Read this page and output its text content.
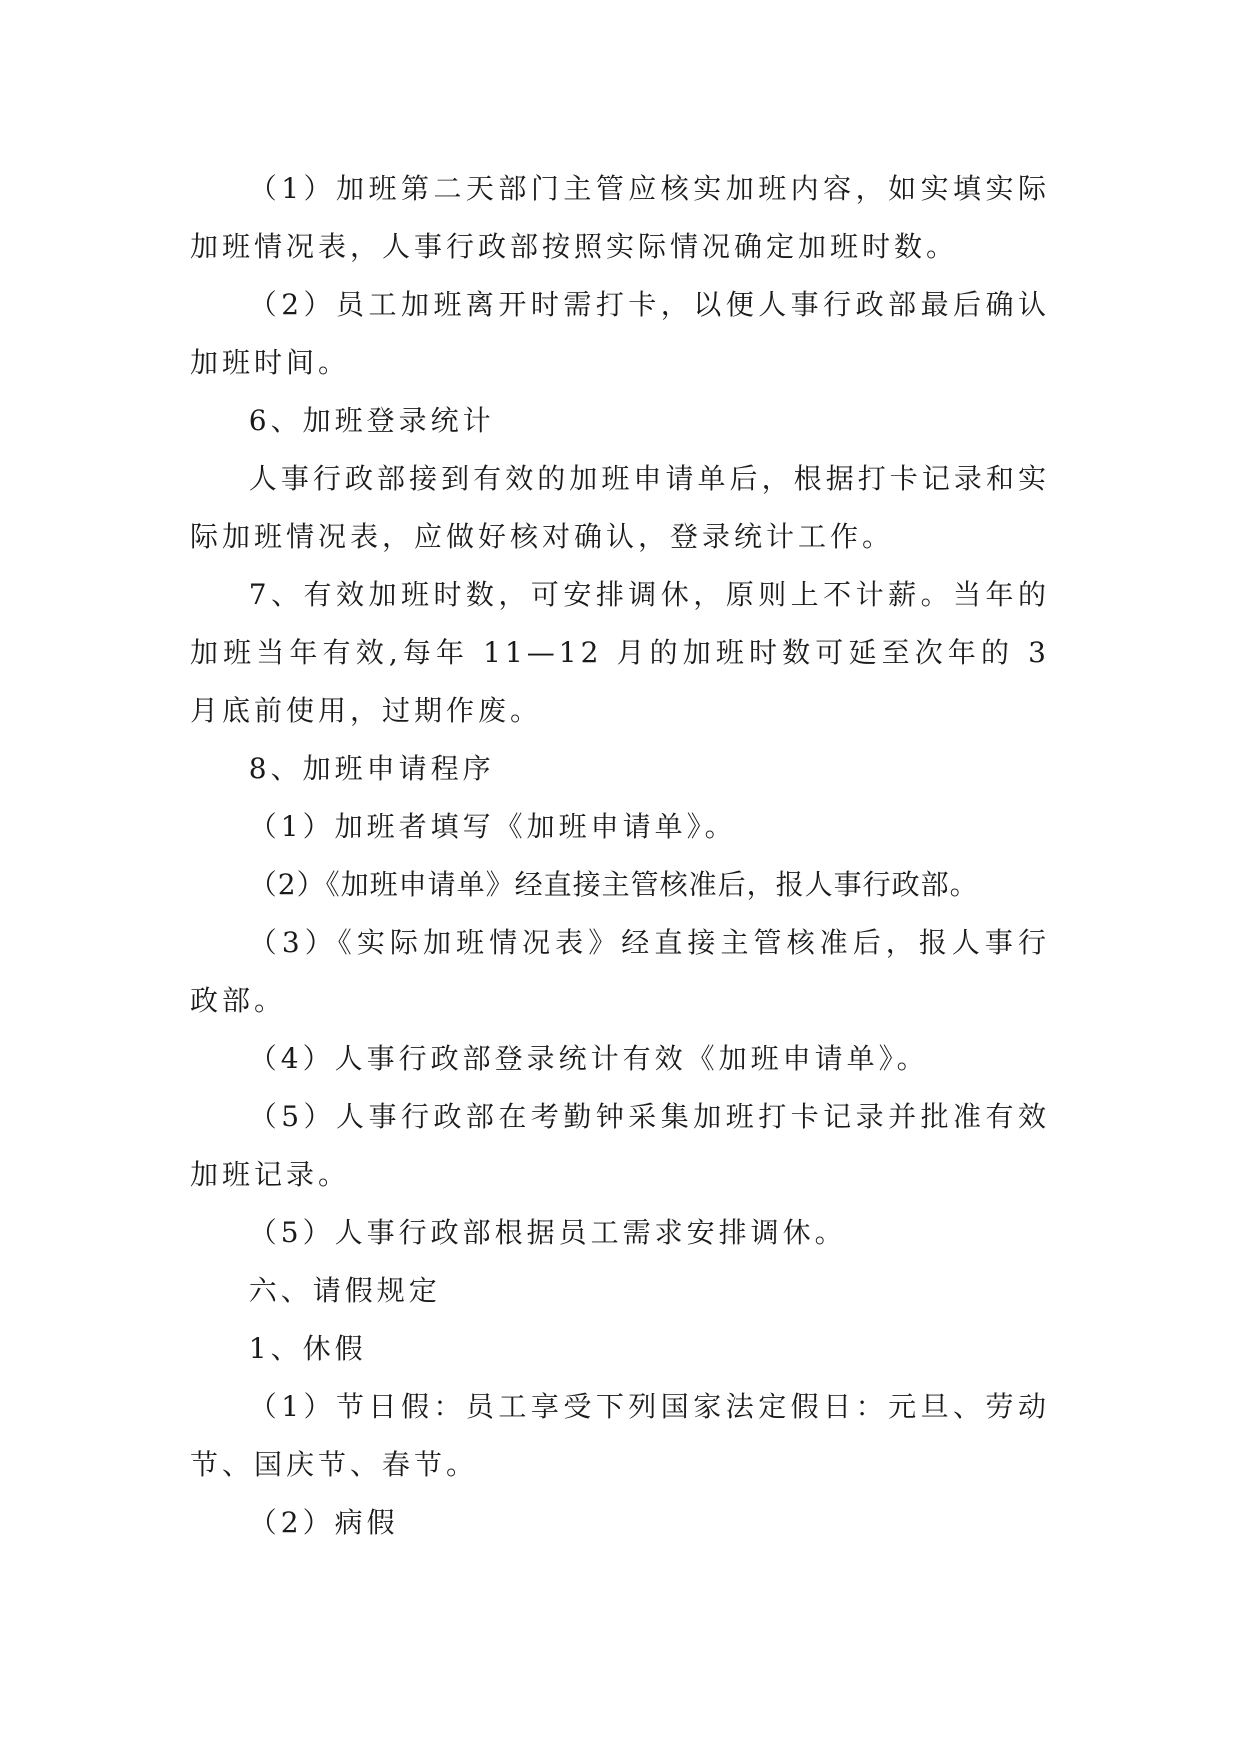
（1）加班第二天部门主管应核实加班内容，如实填实际加班情况表，人事行政部按照实际情况确定加班时数。

（2）员工加班离开时需打卡，以便人事行政部最后确认加班时间。

6、加班登录统计

人事行政部接到有效的加班申请单后，根据打卡记录和实际加班情况表，应做好核对确认，登录统计工作。

7、有效加班时数，可安排调休，原则上不计薪。当年的加班当年有效,每年 11—12 月的加班时数可延至次年的 3 月底前使用，过期作废。

8、加班申请程序

（1）加班者填写《加班申请单》。

（2）《加班申请单》经直接主管核准后，报人事行政部。

（3）《实际加班情况表》经直接主管核准后，报人事行政部。

（4）人事行政部登录统计有效《加班申请单》。

（5）人事行政部在考勤钟采集加班打卡记录并批准有效加班记录。

（5）人事行政部根据员工需求安排调休。

六、请假规定

1、休假

（1）节日假：员工享受下列国家法定假日：元旦、劳动节、国庆节、春节。

（2）病假
